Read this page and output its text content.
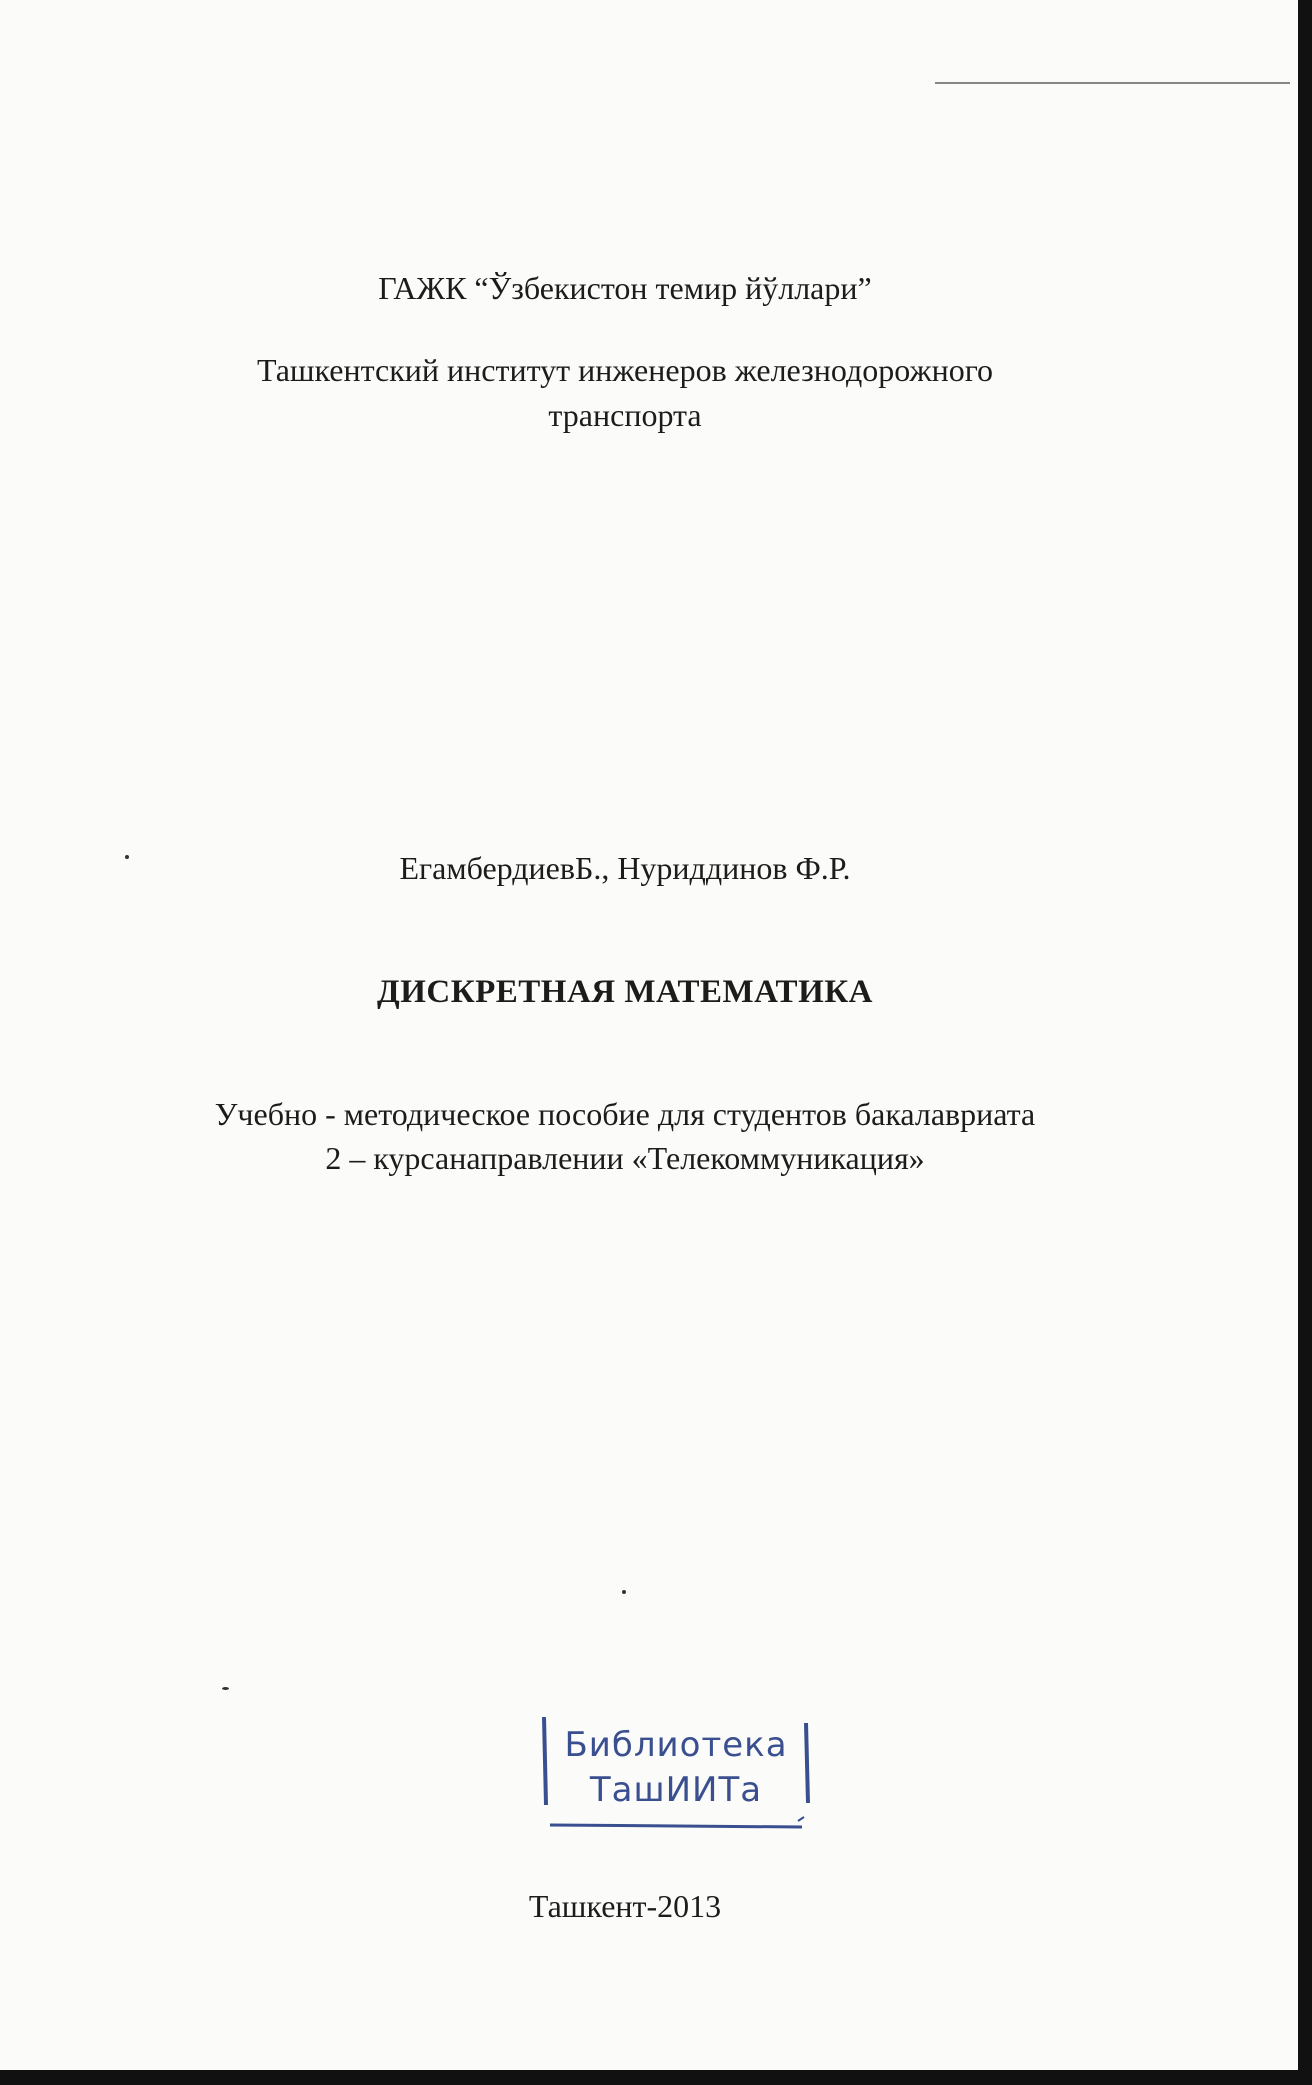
ГАЖК “Ўзбекистон темир йўллари”
Ташкентский институт инженеров железнодорожного
транспорта
ЕгамбердиевБ., Нуриддинов Ф.Р.
ДИСКРЕТНАЯ МАТЕМАТИКА
Учебно - методическое пособие для студентов бакалавриата
2 – курсанаправлении «Телекоммуникация»
Библиотека
ТашИИТа
Ташкент-2013
